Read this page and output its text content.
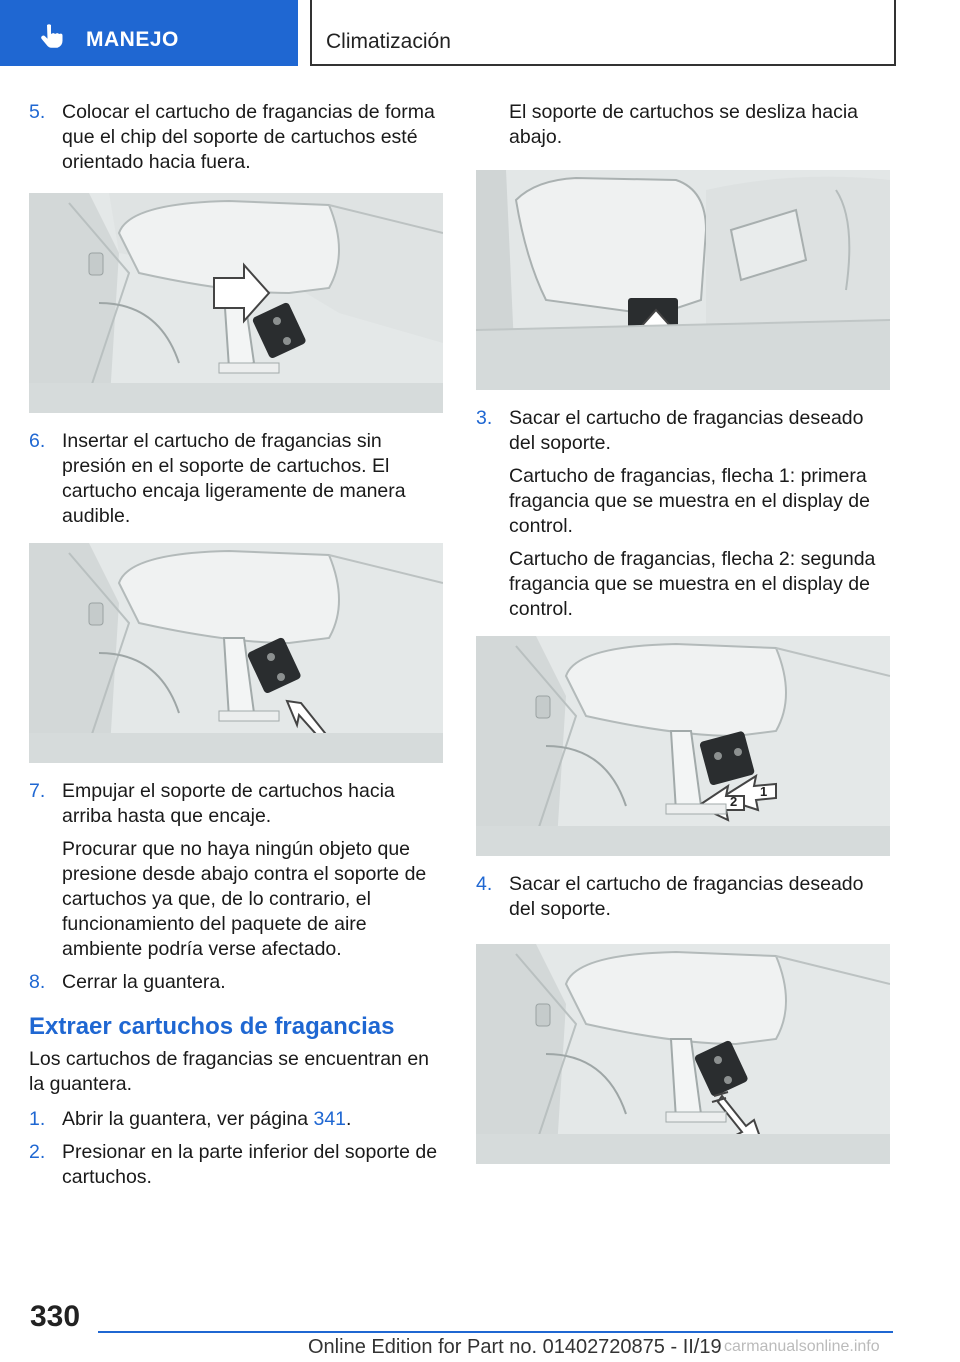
MANEJO	Climatización
5. Colocar el cartucho de fragancias de forma que el chip del soporte de cartuchos esté orientado hacia fuera.

6. Insertar el cartucho de fragancias sin presión en el soporte de cartuchos. El cartucho encaja ligeramente de manera audible.

7. Empujar el soporte de cartuchos hacia arriba hasta que encaje.

Procurar que no haya ningún objeto que presione desde abajo contra el soporte de cartuchos ya que, de lo contrario, el funcionamiento del paquete de aire ambiente podría verse afectado.

8. Cerrar la guantera.

Extraer cartuchos de fragancias

Los cartuchos de fragancias se encuentran en la guantera.

1. Abrir la guantera, ver página 341.

2. Presionar en la parte inferior del soporte de cartuchos.

El soporte de cartuchos se desliza hacia abajo.

3. Sacar el cartucho de fragancias deseado del soporte.

Cartucho de fragancias, flecha 1: primera fragancia que se muestra en el display de control.

Cartucho de fragancias, flecha 2: segunda fragancia que se muestra en el display de control.

2
1
4. Sacar el cartucho de fragancias deseado del soporte.

330
Online Edition for Part no. 01402720875 - II/19 carmanualsonline.info
